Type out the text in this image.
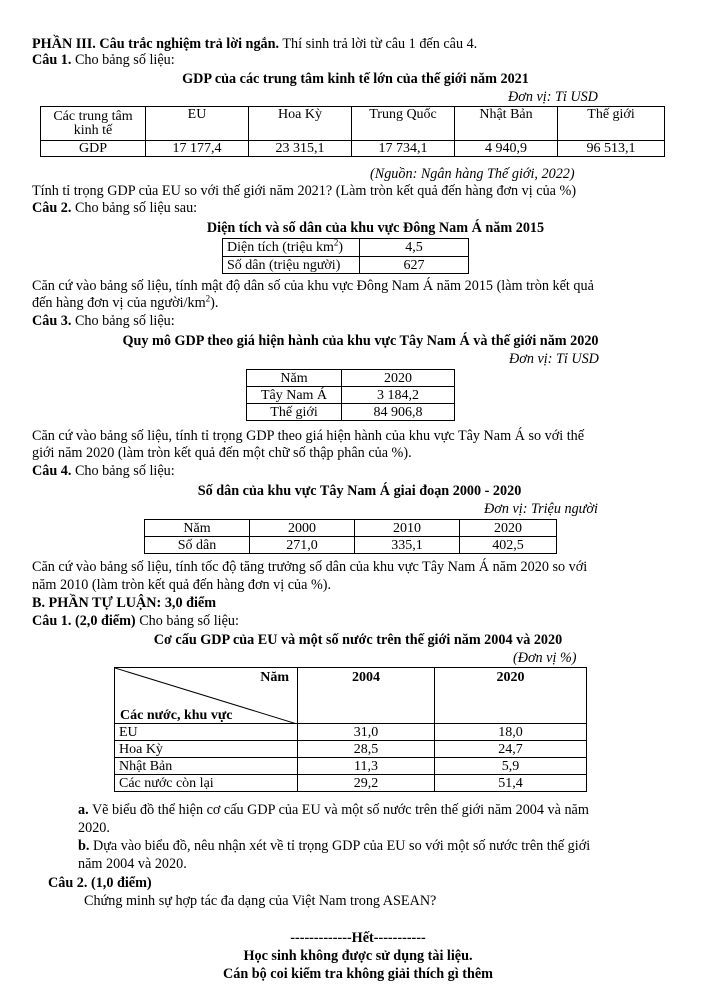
PHẦN III. Câu trắc nghiệm trả lời ngắn. Thí sinh trả lời từ câu 1 đến câu 4.
Câu 1. Cho bảng số liệu:
GDP của các trung tâm kinh tế lớn của thế giới năm 2021
Đơn vị: Tỉ USD
Các trung tâm kinh tế	EU	Hoa Kỳ	Trung Quốc	Nhật Bản	Thế giới
GDP	17 177,4	23 315,1	17 734,1	4 940,9	96 513,1
(Nguồn: Ngân hàng Thế giới, 2022)
Tính tỉ trọng GDP của EU so với thế giới năm 2021? (Làm tròn kết quả đến hàng đơn vị của %)
Câu 2. Cho bảng số liệu sau:
Diện tích và số dân của khu vực Đông Nam Á năm 2015
Diện tích (triệu $km^2$)	4,5
Số dân (triệu người)	627
Căn cứ vào bảng số liệu, tính mật độ dân số của khu vực Đông Nam Á năm 2015 (làm tròn kết quả
đến hàng đơn vị của người/$km^2$).
Câu 3. Cho bảng số liệu:
Quy mô GDP theo giá hiện hành của khu vực Tây Nam Á và thế giới năm 2020
Đơn vị: Tỉ USD
Năm	2020
Tây Nam Á	3 184,2
Thế giới	84 906,8
Căn cứ vào bảng số liệu, tính tỉ trọng GDP theo giá hiện hành của khu vực Tây Nam Á so với thế
giới năm 2020 (làm tròn kết quả đến một chữ số thập phân của %).
Câu 4. Cho bảng số liệu:
Số dân của khu vực Tây Nam Á giai đoạn 2000 - 2020
Đơn vị: Triệu người
Năm	2000	2010	2020
Số dân	271,0	335,1	402,5
Căn cứ vào bảng số liệu, tính tốc độ tăng trưởng số dân của khu vực Tây Nam Á năm 2020 so với
năm 2010 (làm tròn kết quả đến hàng đơn vị của %).
B. PHẦN TỰ LUẬN: 3,0 điểm
Câu 1. (2,0 điểm) Cho bảng số liệu:
Cơ cấu GDP của EU và một số nước trên thế giới năm 2004 và 2020
(Đơn vị %)
Năm
Các nước, khu vực	2004	2020
EU	31,0	18,0
Hoa Kỳ	28,5	24,7
Nhật Bản	11,3	5,9
Các nước còn lại	29,2	51,4
a. Vẽ biểu đồ thể hiện cơ cấu GDP của EU và một số nước trên thế giới năm 2004 và năm
2020.
b. Dựa vào biểu đồ, nêu nhận xét về tỉ trọng GDP của EU so với một số nước trên thế giới
năm 2004 và 2020.
Câu 2. (1,0 điểm)
Chứng minh sự hợp tác đa dạng của Việt Nam trong ASEAN?
-------------Hết-----------
Học sinh không được sử dụng tài liệu.
Cán bộ coi kiểm tra không giải thích gì thêm
